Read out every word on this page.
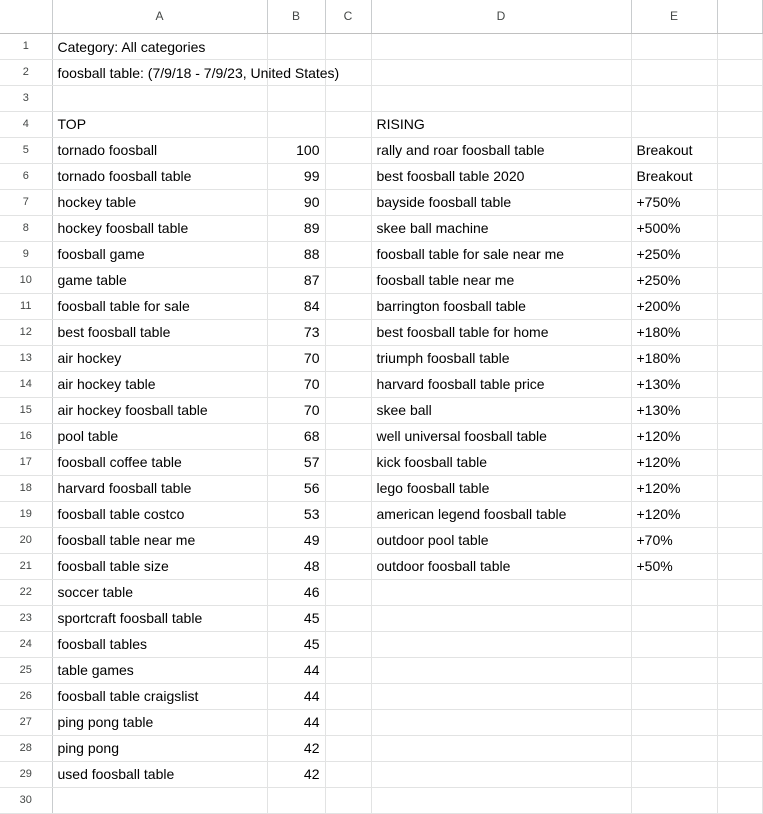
	A	B	C	D	E	
1	Category: All categories					

2	foosball table: (7/9/18 - 7/9/23, United States)					

3						
4	TOP			RISING		
5	tornado foosball	100		rally and roar foosball table	Breakout	
6	tornado foosball table	99		best foosball table 2020	Breakout	
7	hockey table	90		bayside foosball table	+750%	
8	hockey foosball table	89		skee ball machine	+500%	
9	foosball game	88		foosball table for sale near me	+250%	
10	game table	87		foosball table near me	+250%	
11	foosball table for sale	84		barrington foosball table	+200%	
12	best foosball table	73		best foosball table for home	+180%	
13	air hockey	70		triumph foosball table	+180%	
14	air hockey table	70		harvard foosball table price	+130%	
15	air hockey foosball table	70		skee ball	+130%	
16	pool table	68		well universal foosball table	+120%	
17	foosball coffee table	57		kick foosball table	+120%	
18	harvard foosball table	56		lego foosball table	+120%	
19	foosball table costco	53		american legend foosball table	+120%	
20	foosball table near me	49		outdoor pool table	+70%	
21	foosball table size	48		outdoor foosball table	+50%	
22	soccer table	46				
23	sportcraft foosball table	45				
24	foosball tables	45				
25	table games	44				
26	foosball table craigslist	44				
27	ping pong table	44				
28	ping pong	42				
29	used foosball table	42				
30						
